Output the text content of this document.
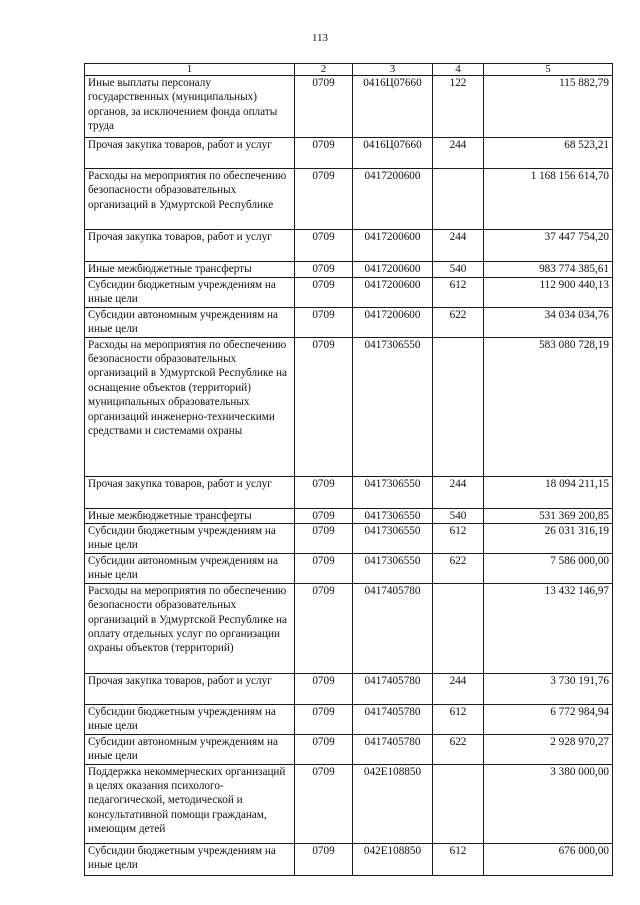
113
1	2	3	4	5
Иные выплаты персоналу государственных (муниципальных) органов, за исключением фонда оплаты труда	0709	0416Ц07660	122	115 882,79
Прочая закупка товаров, работ и услуг	0709	0416Ц07660	244	68 523,21
Расходы на мероприятия по обеспечению безопасности образовательных организаций в Удмуртской Республике	0709	0417200600		1 168 156 614,70
Прочая закупка товаров, работ и услуг	0709	0417200600	244	37 447 754,20
Иные межбюджетные трансферты	0709	0417200600	540	983 774 385,61
Субсидии бюджетным учреждениям на иные цели	0709	0417200600	612	112 900 440,13
Субсидии автономным учреждениям на иные цели	0709	0417200600	622	34 034 034,76
Расходы на мероприятия по обеспечению безопасности образовательных организаций в Удмуртской Республике на оснащение объектов (территорий) муниципальных образовательных организаций инженерно-техническими средствами и системами охраны	0709	0417306550		583 080 728,19
Прочая закупка товаров, работ и услуг	0709	0417306550	244	18 094 211,15
Иные межбюджетные трансферты	0709	0417306550	540	531 369 200,85
Субсидии бюджетным учреждениям на иные цели	0709	0417306550	612	26 031 316,19
Субсидии автономным учреждениям на иные цели	0709	0417306550	622	7 586 000,00
Расходы на мероприятия по обеспечению безопасности образовательных организаций в Удмуртской Республике на оплату отдельных услуг по организации охраны объектов (территорий)	0709	0417405780		13 432 146,97
Прочая закупка товаров, работ и услуг	0709	0417405780	244	3 730 191,76
Субсидии бюджетным учреждениям на иные цели	0709	0417405780	612	6 772 984,94
Субсидии автономным учреждениям на иные цели	0709	0417405780	622	2 928 970,27
Поддержка некоммерческих организаций в целях оказания психолого-педагогической, методической и консультативной помощи гражданам, имеющим детей	0709	042E108850		3 380 000,00
Субсидии бюджетным учреждениям на иные цели	0709	042E108850	612	676 000,00
